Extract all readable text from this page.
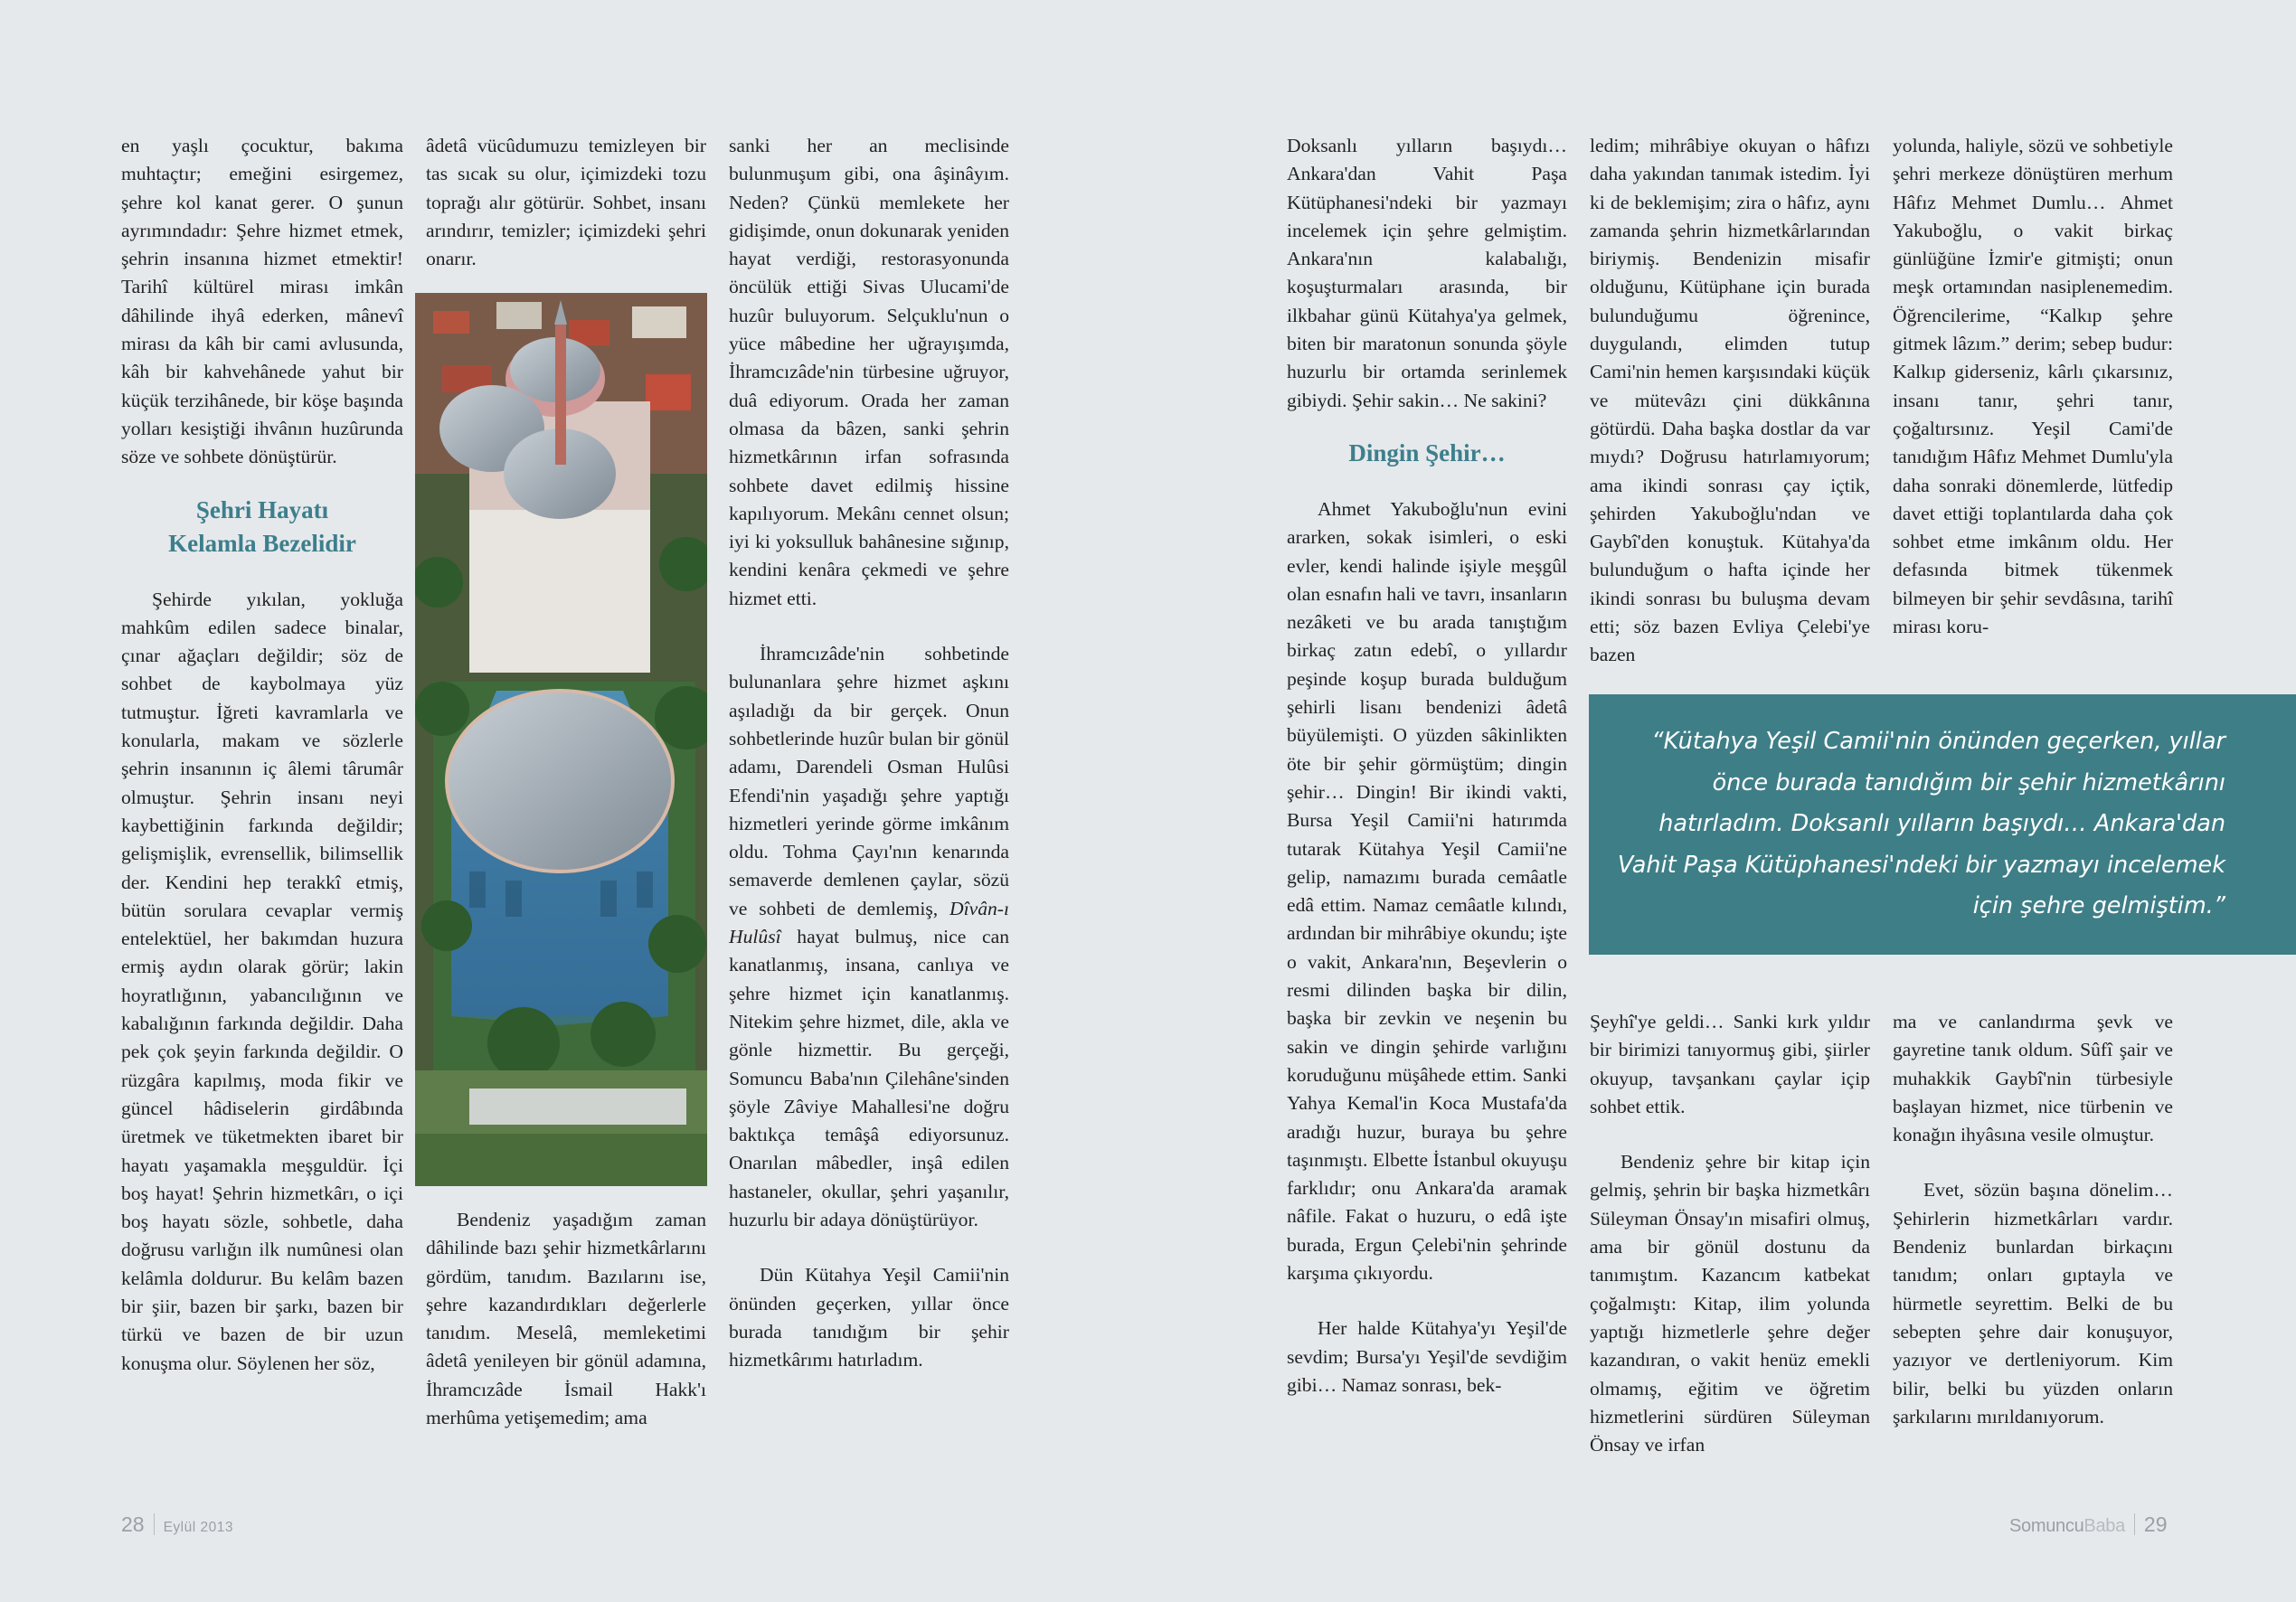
en yaşlı çocuktur, bakıma muhtaçtır; emeğini esirgemez, şehre kol kanat gerer. O şunun ayrımındadır: Şehre hizmet etmek, şehrin insanına hizmet etmektir! Tarihî kültürel mirası imkân dâhilinde ihyâ ederken, mânevî mirası da kâh bir cami avlusunda, kâh bir kahvehânede yahut bir küçük terzihânede, bir köşe başında yolları kesiştiği ihvânın huzûrunda söze ve sohbete dönüştürür.

Şehri Hayatı
Kelamla Bezelidir

Şehirde yıkılan, yokluğa mahkûm edilen sadece binalar, çınar ağaçları değildir; söz de sohbet de kaybolmaya yüz tutmuştur. İğreti kavramlarla ve konularla, makam ve sözlerle şehrin insanının iç âlemi târumâr olmuştur. Şehrin insanı neyi kaybettiğinin farkında değildir; gelişmişlik, evrensellik, bilimsellik der. Kendini hep terakkî etmiş, bütün sorulara cevaplar vermiş entelektüel, her bakımdan huzura ermiş aydın olarak görür; lakin hoyratlığının, yabancılığının ve kabalığının farkında değildir. Daha pek çok şeyin farkında değildir. O rüzgâra kapılmış, moda fikir ve güncel hâdiselerin girdâbında üretmek ve tüketmekten ibaret bir hayatı yaşamakla meşguldür. İçi boş hayat! Şehrin hizmetkârı, o içi boş hayatı sözle, sohbetle, daha doğrusu varlığın ilk numûnesi olan kelâmla doldurur. Bu kelâm bazen bir şiir, bazen bir şarkı, bazen bir türkü ve bazen de bir uzun konuşma olur. Söylenen her söz,

âdetâ vücûdumuzu temizleyen bir tas sıcak su olur, içimizdeki tozu toprağı alır götürür. Sohbet, insanı arındırır, temizler; içimizdeki şehri onarır.

Bendeniz yaşadığım zaman dâhilinde bazı şehir hizmetkârlarını gördüm, tanıdım. Bazılarını ise, şehre kazandırdıkları değerlerle tanıdım. Meselâ, memleketimi âdetâ yenileyen bir gönül adamına, İhramcızâde İsmail Hakk'ı merhûma yetişemedim; ama

sanki her an meclisinde bulunmuşum gibi, ona âşinâyım. Neden? Çünkü memlekete her gidişimde, onun dokunarak yeniden hayat verdiği, restorasyonunda öncülük ettiği Sivas Ulucami'de huzûr buluyorum. Selçuklu'nun o yüce mâbedine her uğrayışımda, İhramcızâde'nin türbesine uğruyor, duâ ediyorum. Orada her zaman olmasa da bâzen, sanki şehrin hizmetkârının irfan sofrasında sohbete davet edilmiş hissine kapılıyorum. Mekânı cennet olsun; iyi ki yoksulluk bahânesine sığınıp, kendini kenâra çekmedi ve şehre hizmet etti.

İhramcızâde'nin sohbetinde bulunanlara şehre hizmet aşkını aşıladığı da bir gerçek. Onun sohbetlerinde huzûr bulan bir gönül adamı, Darendeli Osman Hulûsi Efendi'nin yaşadığı şehre yaptığı hizmetleri yerinde görme imkânım oldu. Tohma Çayı'nın kenarında semaverde demlenen çaylar, sözü ve sohbeti de demlemiş, Dîvân-ı Hulûsî hayat bulmuş, nice can kanatlanmış, insana, canlıya ve şehre hizmet için kanatlanmış. Nitekim şehre hizmet, dile, akla ve gönle hizmettir. Bu gerçeği, Somuncu Baba'nın Çilehâne'sinden şöyle Zâviye Mahallesi'ne doğru baktıkça temâşâ ediyorsunuz. Onarılan mâbedler, inşâ edilen hastaneler, okullar, şehri yaşanılır, huzurlu bir adaya dönüştürüyor.

Dün Kütahya Yeşil Camii'nin önünden geçerken, yıllar önce burada tanıdığım bir şehir hizmetkârımı hatırladım.

28 Eylül 2013

Doksanlı yılların başıydı… Ankara'dan Vahit Paşa Kütüphanesi'ndeki bir yazmayı incelemek için şehre gelmiştim. Ankara'nın kalabalığı, koşuşturmaları arasında, bir ilkbahar günü Kütahya'ya gelmek, biten bir maratonun sonunda şöyle huzurlu bir ortamda serinlemek gibiydi. Şehir sakin… Ne sakini?

Dingin Şehir…

Ahmet Yakuboğlu'nun evini ararken, sokak isimleri, o eski evler, kendi halinde işiyle meşgûl olan esnafın hali ve tavrı, insanların nezâketi ve bu arada tanıştığım birkaç zatın edebî, o yıllardır peşinde koşup burada bulduğum şehirli lisanı bendenizi âdetâ büyülemişti. O yüzden sâkinlikten öte bir şehir görmüştüm; dingin şehir… Dingin! Bir ikindi vakti, Bursa Yeşil Camii'ni hatırımda tutarak Kütahya Yeşil Camii'ne gelip, namazımı burada cemâatle edâ ettim. Namaz cemâatle kılındı, ardından bir mihrâbiye okundu; işte o vakit, Ankara'nın, Beşevlerin o resmi dilinden başka bir dilin, başka bir zevkin ve neşenin bu sakin ve dingin şehirde varlığını koruduğunu müşâhede ettim. Sanki Yahya Kemal'in Koca Mustafa'da aradığı huzur, buraya bu şehre taşınmıştı. Elbette İstanbul okuyuşu farklıdır; onu Ankara'da aramak nâfile. Fakat o huzuru, o edâ işte burada, Ergun Çelebi'nin şehrinde karşıma çıkıyordu.

Her halde Kütahya'yı Yeşil'de sevdim; Bursa'yı Yeşil'de sevdiğim gibi… Namaz sonrası, bek-

ledim; mihrâbiye okuyan o hâfızı daha yakından tanımak istedim. İyi ki de beklemişim; zira o hâfız, aynı zamanda şehrin hizmetkârlarından biriymiş. Bendenizin misafir olduğunu, Kütüphane için burada bulunduğumu öğrenince, duygulandı, elimden tutup Cami'nin hemen karşısındaki küçük ve mütevâzı çini dükkânına götürdü. Daha başka dostlar da var mıydı? Doğrusu hatırlamıyorum; ama ikindi sonrası çay içtik, şehirden Yakuboğlu'ndan ve Gaybî'den konuştuk. Kütahya'da bulunduğum o hafta içinde her ikindi sonrası bu buluşma devam etti; söz bazen Evliya Çelebi'ye bazen

yolunda, haliyle, sözü ve sohbetiyle şehri merkeze dönüştüren merhum Hâfız Mehmet Dumlu… Ahmet Yakuboğlu, o vakit birkaç günlüğüne İzmir'e gitmişti; onun meşk ortamından nasiplenemedim. Öğrencilerime, “Kalkıp şehre gitmek lâzım.” derim; sebep budur: Kalkıp giderseniz, kârlı çıkarsınız, insanı tanır, şehri tanır, çoğaltırsınız. Yeşil Cami'de tanıdığım Hâfız Mehmet Dumlu'yla daha sonraki dönemlerde, lütfedip davet ettiği toplantılarda daha çok sohbet etme imkânım oldu. Her defasında bitmek tükenmek bilmeyen bir şehir sevdâsına, tarihî mirası koru-

“Kütahya Yeşil Camii'nin önünden geçerken, yıllar
önce burada tanıdığım bir şehir hizmetkârını
hatırladım. Doksanlı yılların başıydı… Ankara'dan
Vahit Paşa Kütüphanesi'ndeki bir yazmayı incelemek
için şehre gelmiştim.”

Şeyhî'ye geldi… Sanki kırk yıldır bir birimizi tanıyormuş gibi, şiirler okuyup, tavşankanı çaylar içip sohbet ettik.

Bendeniz şehre bir kitap için gelmiş, şehrin bir başka hizmetkârı Süleyman Önsay'ın misafiri olmuş, ama bir gönül dostunu da tanımıştım. Kazancım katbekat çoğalmıştı: Kitap, ilim yolunda yaptığı hizmetlerle şehre değer kazandıran, o vakit henüz emekli olmamış, eğitim ve öğretim hizmetlerini sürdüren Süleyman Önsay ve irfan

ma ve canlandırma şevk ve gayretine tanık oldum. Sûfî şair ve muhakkik Gaybî'nin türbesiyle başlayan hizmet, nice türbenin ve konağın ihyâsına vesile olmuştur.

Evet, sözün başına dönelim… Şehirlerin hizmetkârları vardır. Bendeniz bunlardan birkaçını tanıdım; onları gıptayla ve hürmetle seyrettim. Belki de bu sebepten şehre dair konuşuyor, yazıyor ve dertleniyorum. Kim bilir, belki bu yüzden onların şarkılarını mırıldanıyorum.

SomuncuBaba 29
